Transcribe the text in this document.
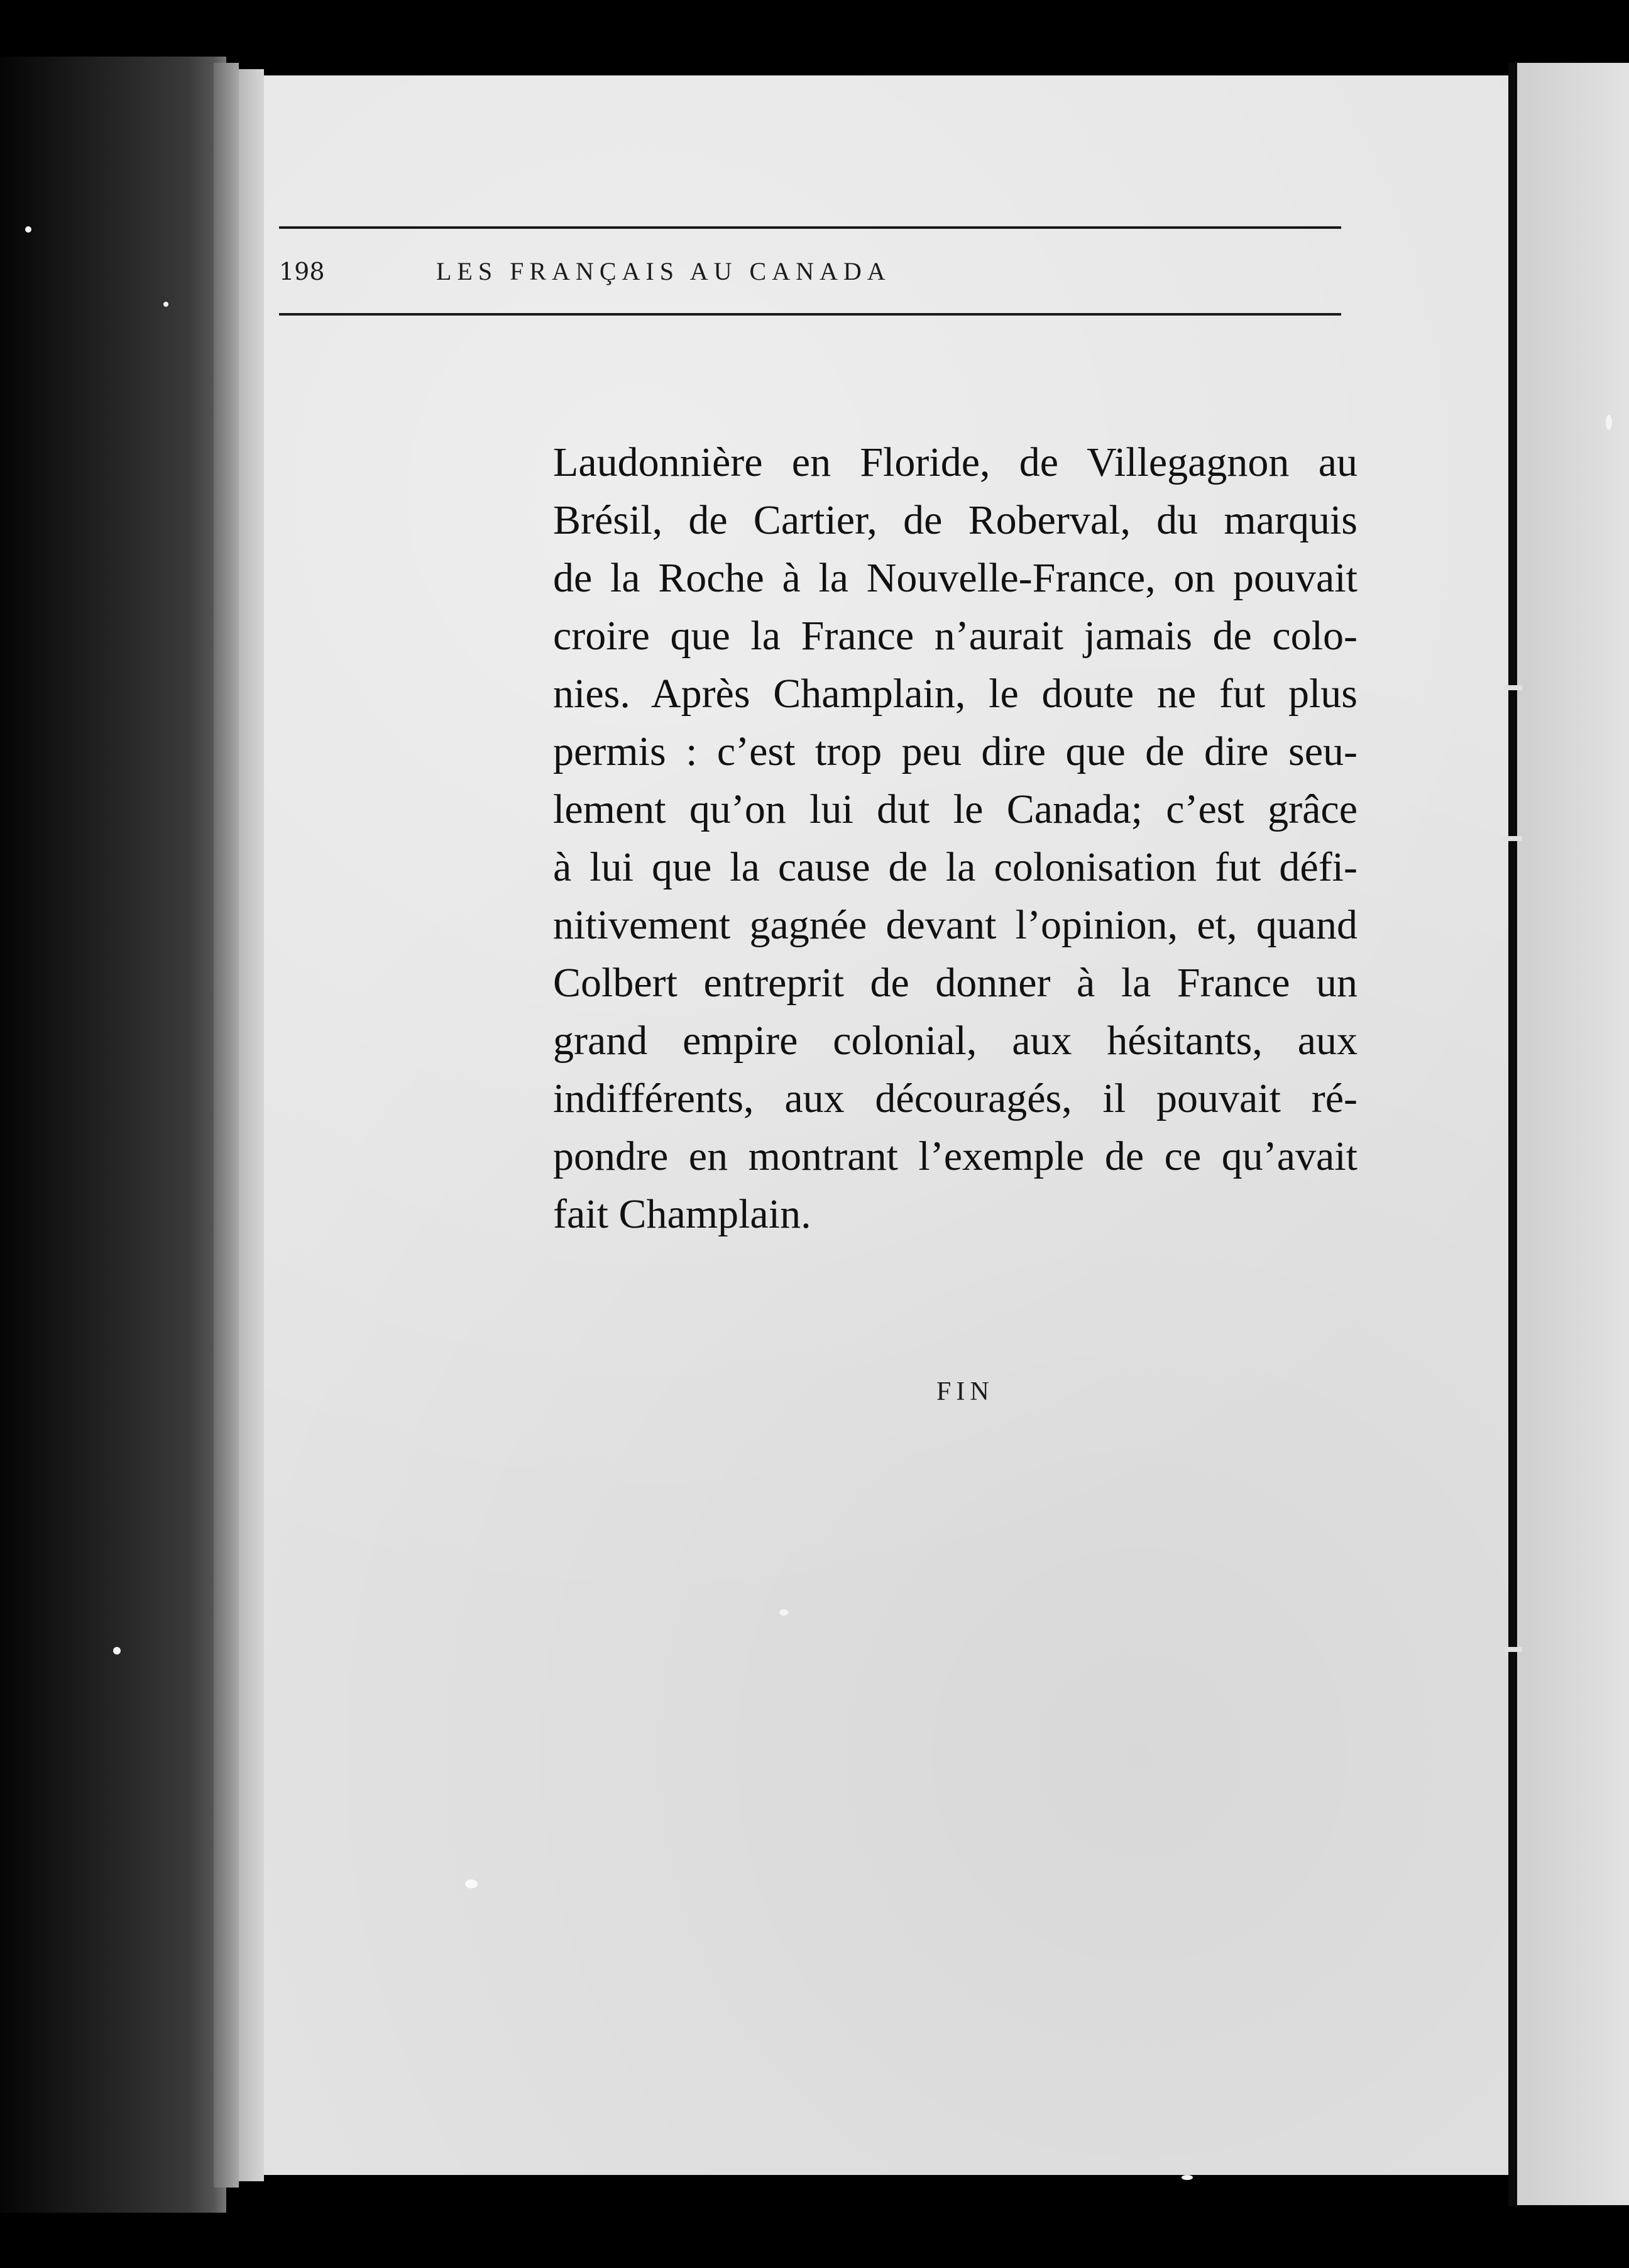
198	LES FRANÇAIS AU CANADA
Laudonnière en Floride, de Villegagnon au
Brésil, de Cartier, de Roberval, du marquis
de la Roche à la Nouvelle-France, on pouvait
croire que la France n’aurait jamais de colo-
nies. Après Champlain, le doute ne fut plus
permis : c’est trop peu dire que de dire seu-
lement qu’on lui dut le Canada; c’est grâce
à lui que la cause de la colonisation fut défi-
nitivement gagnée devant l’opinion, et, quand
Colbert entreprit de donner à la France un
grand empire colonial, aux hésitants, aux
indifférents, aux découragés, il pouvait ré-
pondre en montrant l’exemple de ce qu’avait
fait Champlain.
FIN
